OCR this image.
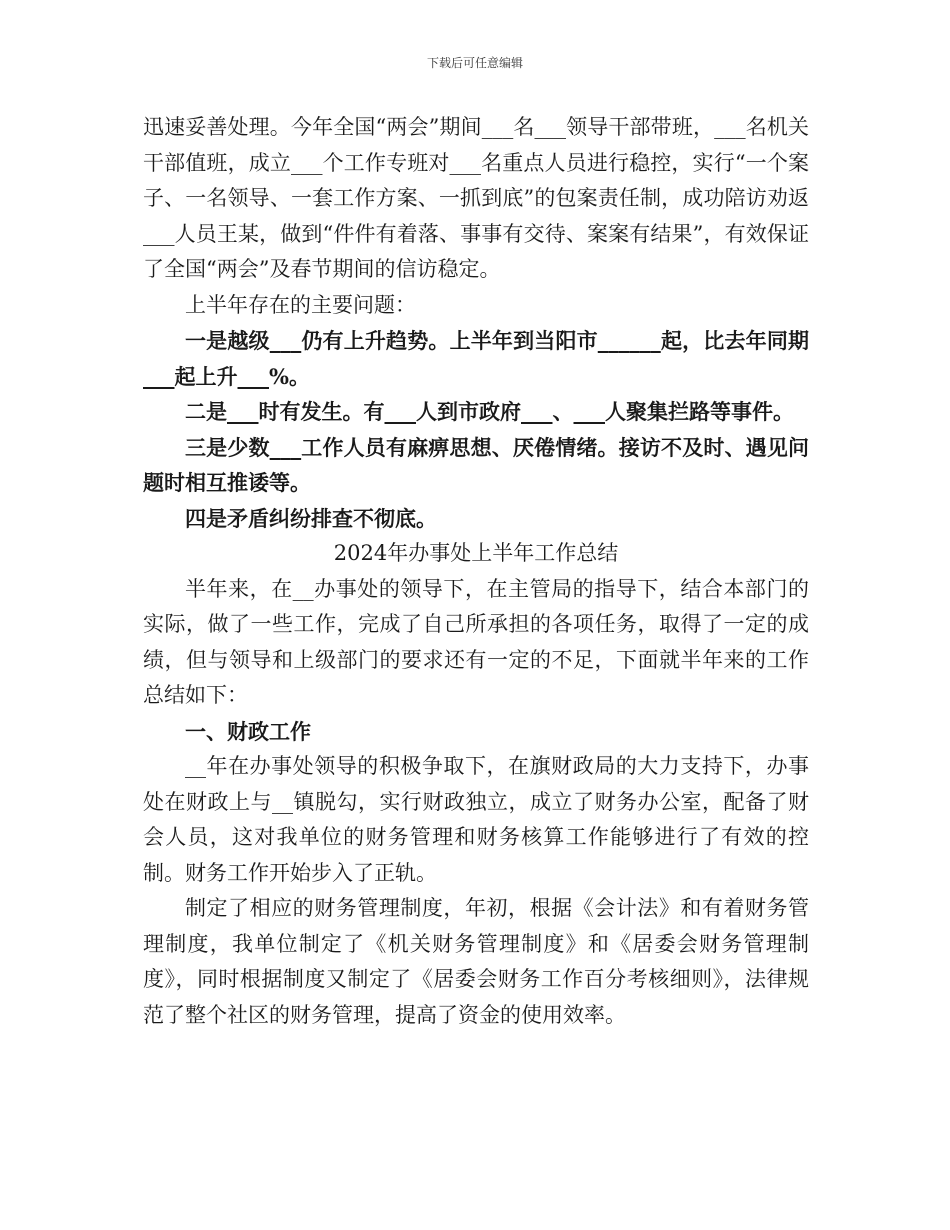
下载后可任意编辑

迅速妥善处理。今年全国“两会”期间___名___领导干部带班，___名机关干部值班，成立___个工作专班对___名重点人员进行稳控，实行“一个案子、一名领导、一套工作方案、一抓到底”的包案责任制，成功陪访劝返___人员王某，做到“件件有着落、事事有交待、案案有结果”，有效保证了全国“两会”及春节期间的信访稳定。

上半年存在的主要问题：

一是越级___仍有上升趋势。上半年到当阳市______起，比去年同期___起上升___%。

二是___时有发生。有___人到市政府___、___人聚集拦路等事件。

三是少数___工作人员有麻痹思想、厌倦情绪。接访不及时、遇见问题时相互推诿等。

四是矛盾纠纷排查不彻底。

2024年办事处上半年工作总结

半年来，在__办事处的领导下，在主管局的指导下，结合本部门的实际，做了一些工作，完成了自己所承担的各项任务，取得了一定的成绩，但与领导和上级部门的要求还有一定的不足，下面就半年来的工作总结如下：

一、财政工作

__年在办事处领导的积极争取下，在旗财政局的大力支持下，办事处在财政上与__镇脱勾，实行财政独立，成立了财务办公室，配备了财会人员，这对我单位的财务管理和财务核算工作能够进行了有效的控制。财务工作开始步入了正轨。

制定了相应的财务管理制度，年初，根据《会计法》和有着财务管理制度，我单位制定了《机关财务管理制度》和《居委会财务管理制度》，同时根据制度又制定了《居委会财务工作百分考核细则》，法律规范了整个社区的财务管理，提高了资金的使用效率。
